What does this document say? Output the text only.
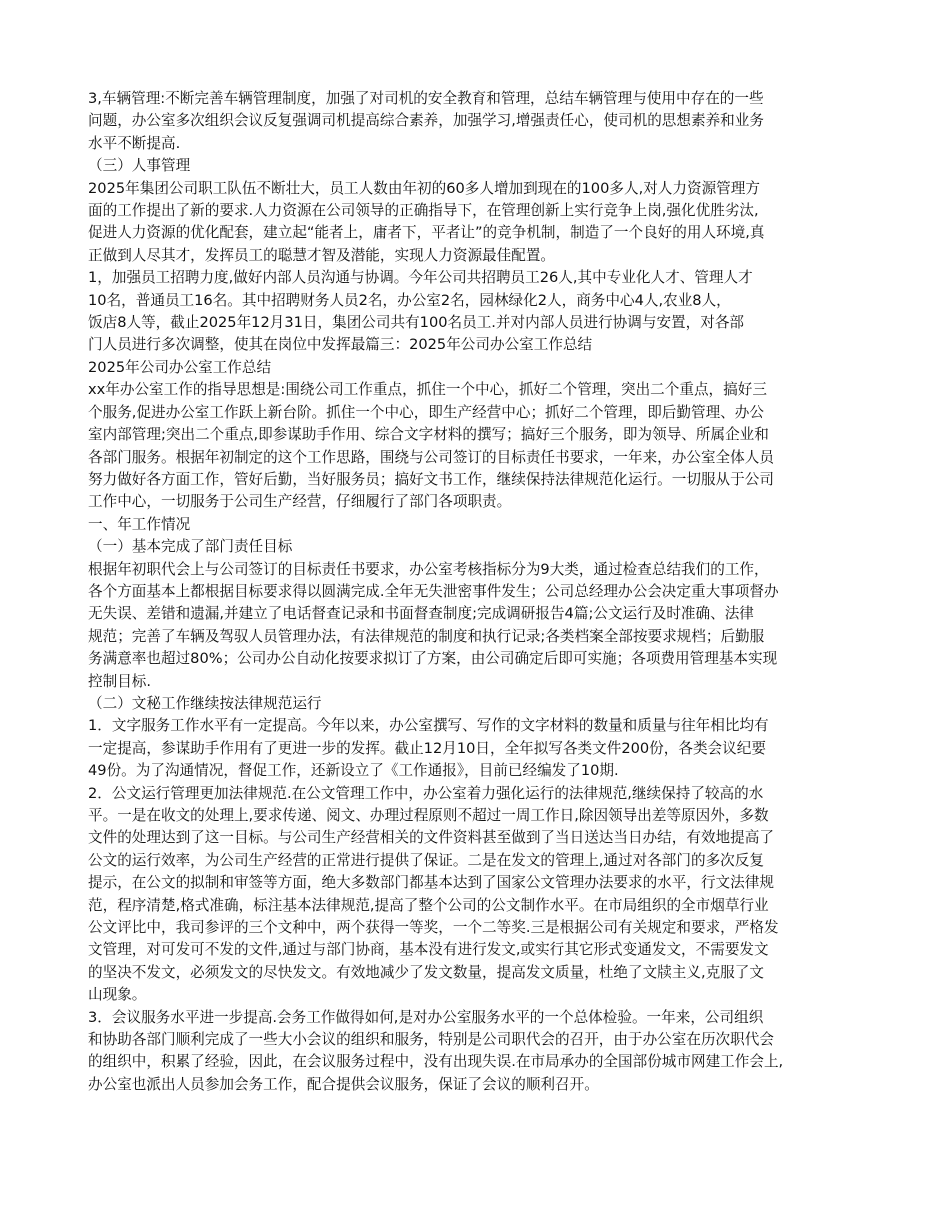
3,车辆管理:不断完善车辆管理制度，加强了对司机的安全教育和管理，总结车辆管理与使用中存在的一些
问题，办公室多次组织会议反复强调司机提高综合素养，加强学习,增强责任心，使司机的思想素养和业务
水平不断提高.
（三）人事管理
2025年集团公司职工队伍不断壮大，员工人数由年初的60多人增加到现在的100多人,对人力资源管理方
面的工作提出了新的要求.人力资源在公司领导的正确指导下，在管理创新上实行竞争上岗,强化优胜劣汰,
促进人力资源的优化配套，建立起“能者上，庸者下，平者让”的竞争机制，制造了一个良好的用人环境,真
正做到人尽其才，发挥员工的聪慧才智及潜能，实现人力资源最佳配置。
1，加强员工招聘力度,做好内部人员沟通与协调。今年公司共招聘员工26人,其中专业化人才、管理人才
10名，普通员工16名。其中招聘财务人员2名，办公室2名，园林绿化2人，商务中心4人,农业8人，
饭店8人等，截止2025年12月31日，集团公司共有100名员工.并对内部人员进行协调与安置，对各部
门人员进行多次调整，使其在岗位中发挥最篇三：2025年公司办公室工作总结
2025年公司办公室工作总结
xx年办公室工作的指导思想是:围绕公司工作重点，抓住一个中心，抓好二个管理，突出二个重点，搞好三
个服务,促进办公室工作跃上新台阶。抓住一个中心，即生产经营中心；抓好二个管理，即后勤管理、办公
室内部管理;突出二个重点,即参谋助手作用、综合文字材料的撰写；搞好三个服务，即为领导、所属企业和
各部门服务。根据年初制定的这个工作思路，围绕与公司签订的目标责任书要求，一年来，办公室全体人员
努力做好各方面工作，管好后勤，当好服务员；搞好文书工作，继续保持法律规范化运行。一切服从于公司
工作中心，一切服务于公司生产经营，仔细履行了部门各项职责。
一、年工作情况
（一）基本完成了部门责任目标
根据年初职代会上与公司签订的目标责任书要求，办公室考核指标分为9大类，通过检查总结我们的工作，
各个方面基本上都根据目标要求得以圆满完成.全年无失泄密事件发生；公司总经理办公会决定重大事项督办
无失误、差错和遗漏,并建立了电话督查记录和书面督查制度;完成调研报告4篇;公文运行及时准确、法律
规范；完善了车辆及驾驭人员管理办法，有法律规范的制度和执行记录;各类档案全部按要求规档；后勤服
务满意率也超过80%；公司办公自动化按要求拟订了方案，由公司确定后即可实施；各项费用管理基本实现
控制目标.
（二）文秘工作继续按法律规范运行
1．文字服务工作水平有一定提高。今年以来，办公室撰写、写作的文字材料的数量和质量与往年相比均有
一定提高，参谋助手作用有了更进一步的发挥。截止12月10日，全年拟写各类文件200份，各类会议纪要
49份。为了沟通情况，督促工作，还新设立了《工作通报》，目前已经编发了10期.
2．公文运行管理更加法律规范.在公文管理工作中，办公室着力强化运行的法律规范,继续保持了较高的水
平。一是在收文的处理上,要求传递、阅文、办理过程原则不超过一周工作日,除因领导出差等原因外，多数
文件的处理达到了这一目标。与公司生产经营相关的文件资料甚至做到了当日送达当日办结，有效地提高了
公文的运行效率，为公司生产经营的正常进行提供了保证。二是在发文的管理上,通过对各部门的多次反复
提示，在公文的拟制和审签等方面，绝大多数部门都基本达到了国家公文管理办法要求的水平，行文法律规
范，程序清楚,格式准确，标注基本法律规范,提高了整个公司的公文制作水平。在市局组织的全市烟草行业
公文评比中，我司参评的三个文种中，两个获得一等奖，一个二等奖.三是根据公司有关规定和要求，严格发
文管理，对可发可不发的文件,通过与部门协商，基本没有进行发文,或实行其它形式变通发文，不需要发文
的坚决不发文，必须发文的尽快发文。有效地减少了发文数量，提高发文质量，杜绝了文牍主义,克服了文
山现象。
3．会议服务水平进一步提高.会务工作做得如何,是对办公室服务水平的一个总体检验。一年来，公司组织
和协助各部门顺利完成了一些大小会议的组织和服务，特别是公司职代会的召开，由于办公室在历次职代会
的组织中，积累了经验，因此，在会议服务过程中，没有出现失误.在市局承办的全国部份城市网建工作会上,
办公室也派出人员参加会务工作，配合提供会议服务，保证了会议的顺利召开。
